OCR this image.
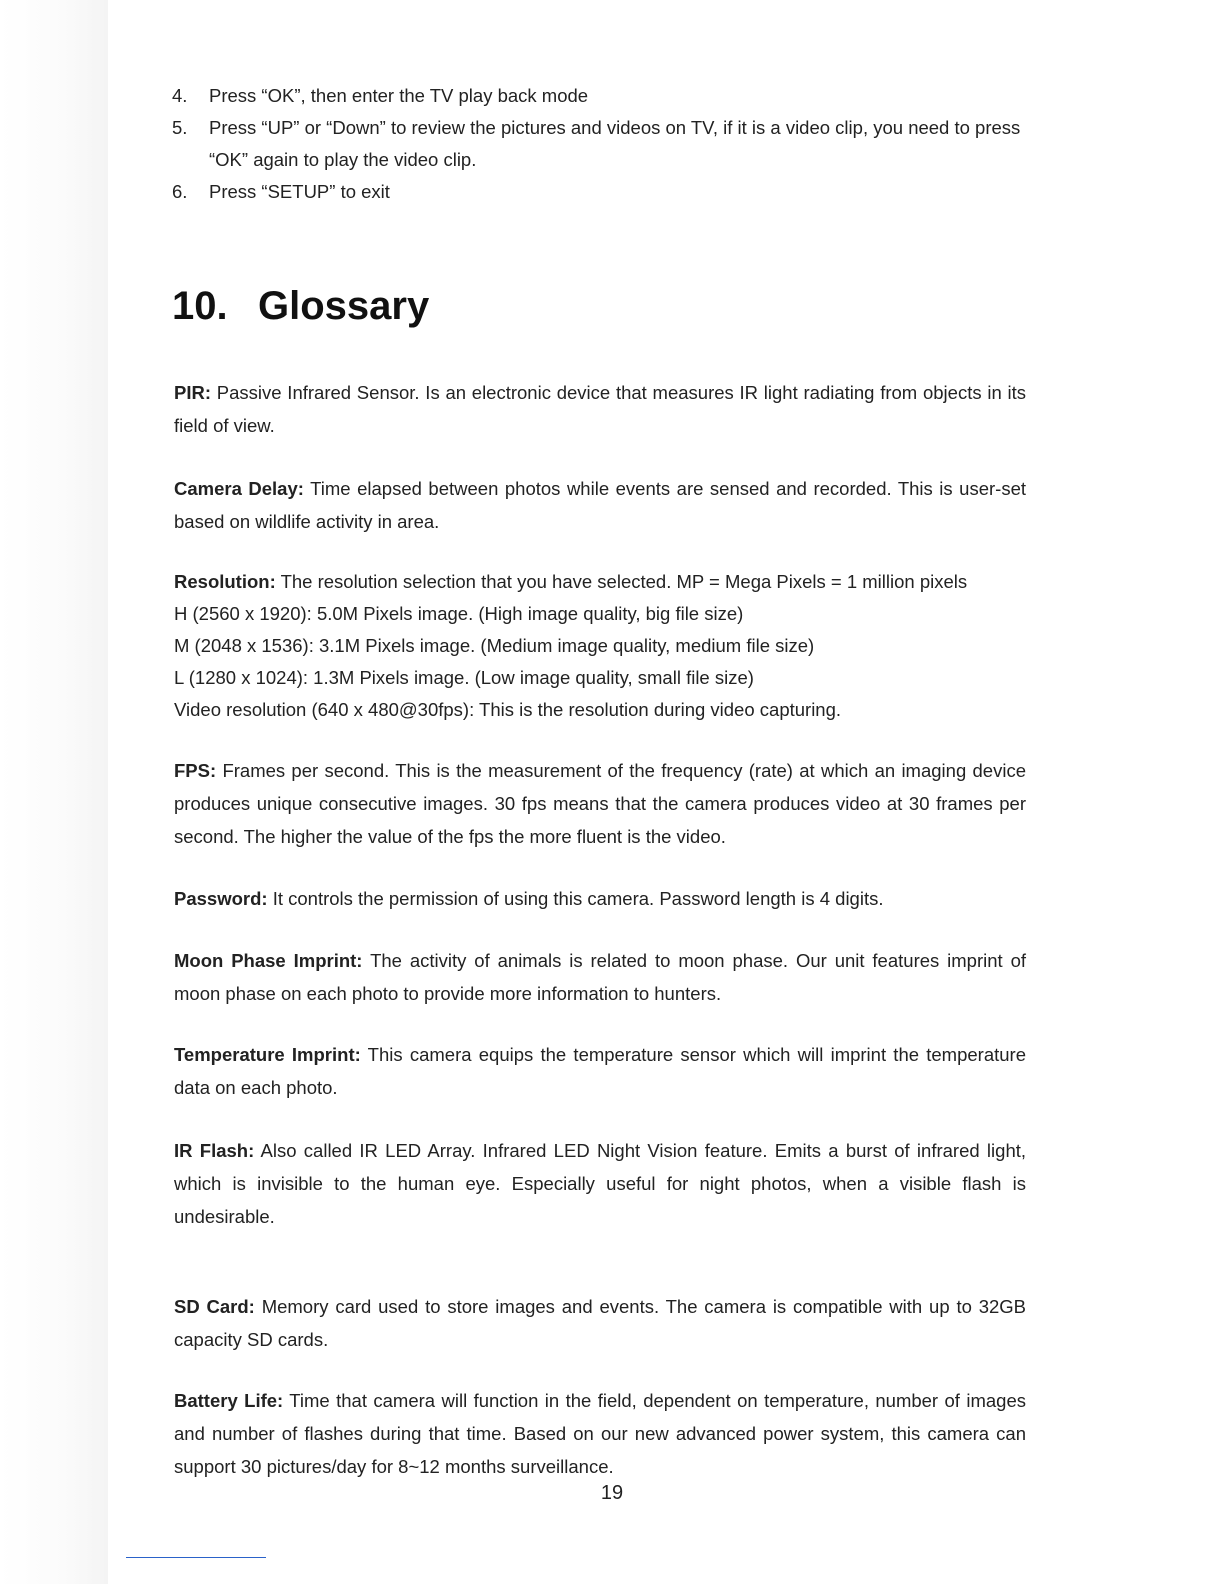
4.	Press “OK”, then enter the TV play back mode
5.	Press “UP” or “Down” to review the pictures and videos on TV, if it is a video clip, you need to press “OK” again to play the video clip.
6.	Press “SETUP” to exit
10. Glossary

PIR: Passive Infrared Sensor. Is an electronic device that measures IR light radiating from objects in its field of view.

Camera Delay: Time elapsed between photos while events are sensed and recorded. This is user-set based on wildlife activity in area.

Resolution: The resolution selection that you have selected. MP = Mega Pixels = 1 million pixels
H (2560 x 1920): 5.0M Pixels image. (High image quality, big file size)
M (2048 x 1536): 3.1M Pixels image. (Medium image quality, medium file size)
L (1280 x 1024): 1.3M Pixels image. (Low image quality, small file size)
Video resolution (640 x 480@30fps): This is the resolution during video capturing.

FPS: Frames per second. This is the measurement of the frequency (rate) at which an imaging device produces unique consecutive images. 30 fps means that the camera produces video at 30 frames per second. The higher the value of the fps the more fluent is the video.

Password: It controls the permission of using this camera. Password length is 4 digits.

Moon Phase Imprint: The activity of animals is related to moon phase. Our unit features imprint of moon phase on each photo to provide more information to hunters.

Temperature Imprint: This camera equips the temperature sensor which will imprint the temperature data on each photo.

IR Flash: Also called IR LED Array. Infrared LED Night Vision feature. Emits a burst of infrared light, which is invisible to the human eye. Especially useful for night photos, when a visible flash is undesirable.

SD Card: Memory card used to store images and events. The camera is compatible with up to 32GB capacity SD cards.

Battery Life: Time that camera will function in the field, dependent on temperature, number of images and number of flashes during that time. Based on our new advanced power system, this camera can support 30 pictures/day for 8~12 months surveillance.

19
